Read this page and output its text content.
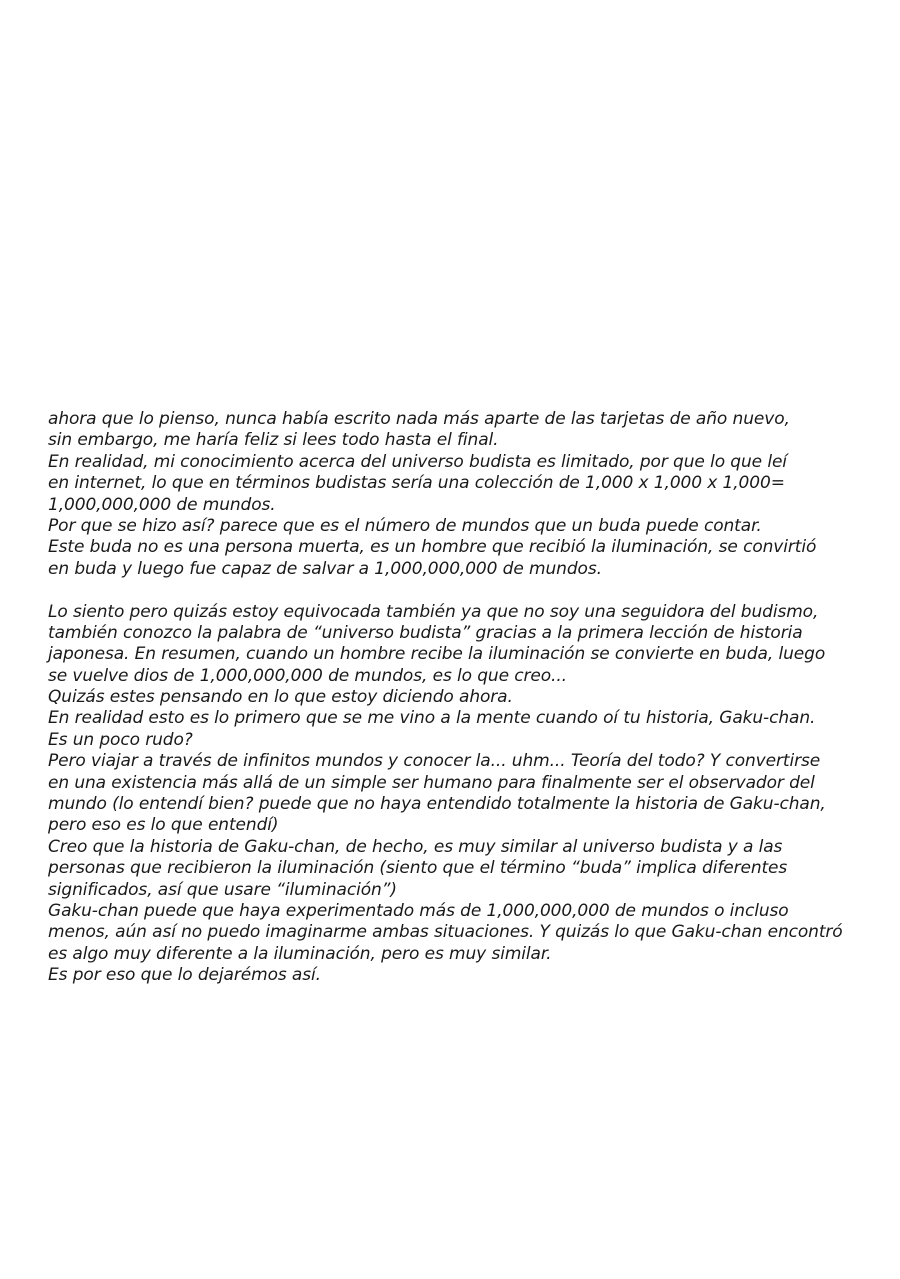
ahora que lo pienso, nunca había escrito nada más aparte de las tarjetas de año nuevo,
sin embargo, me haría feliz si lees todo hasta el final.
En realidad, mi conocimiento acerca del universo budista es limitado, por que lo que leí
en internet, lo que en términos budistas sería una colección de 1,000 x 1,000 x 1,000=
1,000,000,000 de mundos.
Por que se hizo así? parece que es el número de mundos que un buda puede contar.
Este buda no es una persona muerta, es un hombre que recibió la iluminación, se convirtió
en buda y luego fue capaz de salvar a 1,000,000,000 de mundos.
Lo siento pero quizás estoy equivocada también ya que no soy una seguidora del budismo,
también conozco la palabra de “universo budista” gracias a la primera lección de historia
japonesa. En resumen, cuando un hombre recibe la iluminación se convierte en buda, luego
se vuelve dios de 1,000,000,000 de mundos, es lo que creo...
Quizás estes pensando en lo que estoy diciendo ahora.
En realidad esto es lo primero que se me vino a la mente cuando oí tu historia, Gaku-chan.
Es un poco rudo?
Pero viajar a través de infinitos mundos y conocer la... uhm... Teoría del todo? Y convertirse
en una existencia más allá de un simple ser humano para finalmente ser el observador del
mundo (lo entendí bien? puede que no haya entendido totalmente la historia de Gaku-chan,
pero eso es lo que entendí)
Creo que la historia de Gaku-chan, de hecho, es muy similar al universo budista y a las
personas que recibieron la iluminación (siento que el término “buda” implica diferentes
significados, así que usare “iluminación”)
Gaku-chan puede que haya experimentado más de 1,000,000,000 de mundos o incluso
menos, aún así no puedo imaginarme ambas situaciones. Y quizás lo que Gaku-chan encontró
es algo muy diferente a la iluminación, pero es muy similar.
Es por eso que lo dejarémos así.
